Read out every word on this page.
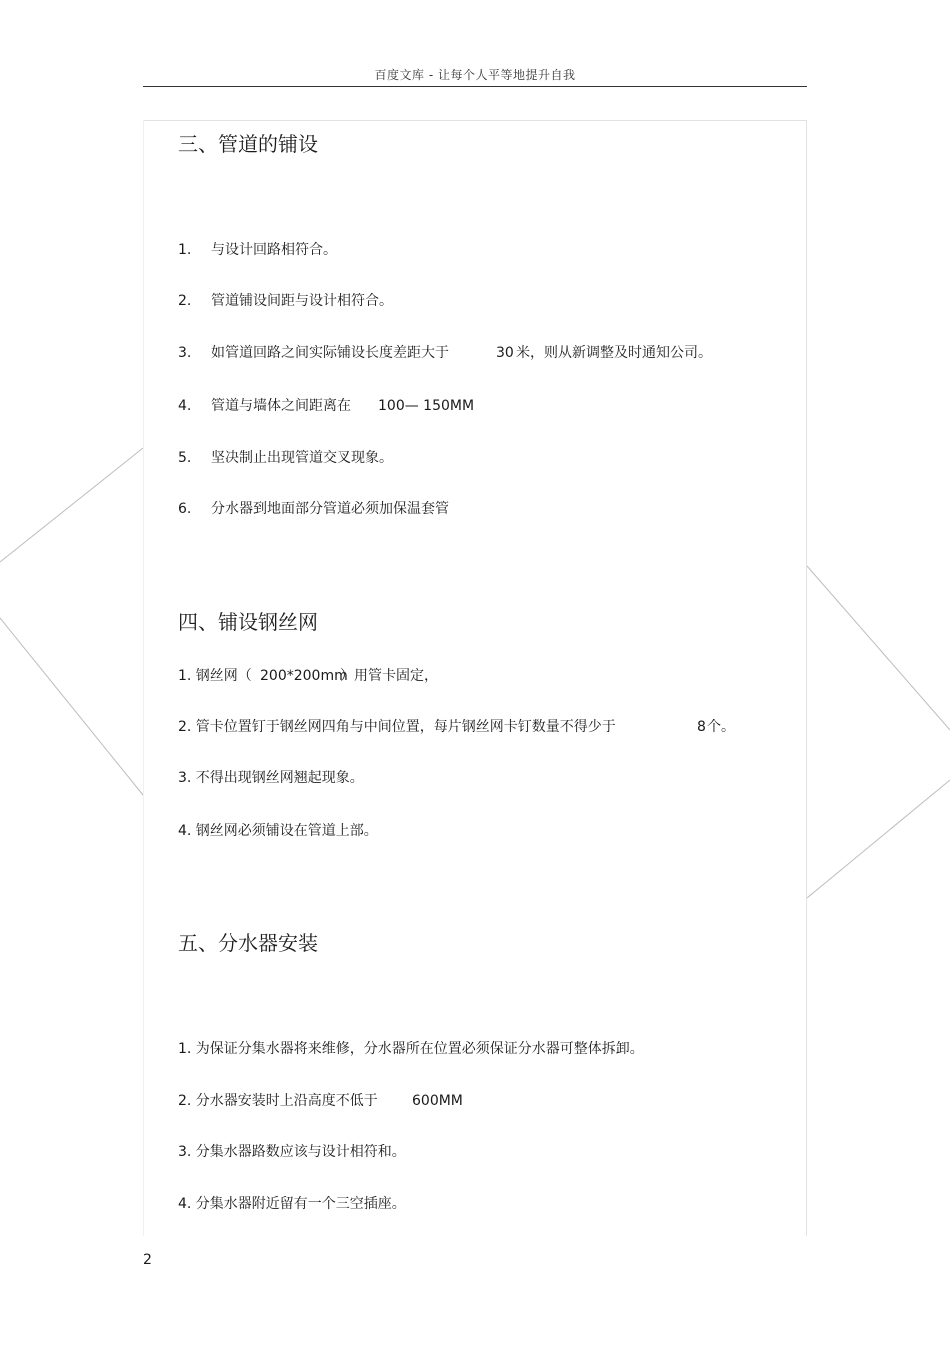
百度文库 - 让每个人平等地提升自我
三、管道的铺设
1. 与设计回路相符合。
2. 管道铺设间距与设计相符合。
3. 如管道回路之间实际铺设长度差距大于	30 米，则从新调整及时通知公司。
4. 管道与墙体之间距离在 100— 150MM
5. 坚决制止出现管道交叉现象。
6. 分水器到地面部分管道必须加保温套管
四、铺设钢丝网
1. 钢丝网（ 200*200mm
）用管卡固定，
2. 管卡位置钉于钢丝网四角与中间位置，每片钢丝网卡钉数量不得少于	8 个。
3. 不得出现钢丝网翘起现象。
4. 钢丝网必须铺设在管道上部。
五、分水器安装
1. 为保证分集水器将来维修，分水器所在位置必须保证分水器可整体拆卸。
2. 分水器安装时上沿高度不低于 600MM
3. 分集水器路数应该与设计相符和。
4. 分集水器附近留有一个三空插座。
2
